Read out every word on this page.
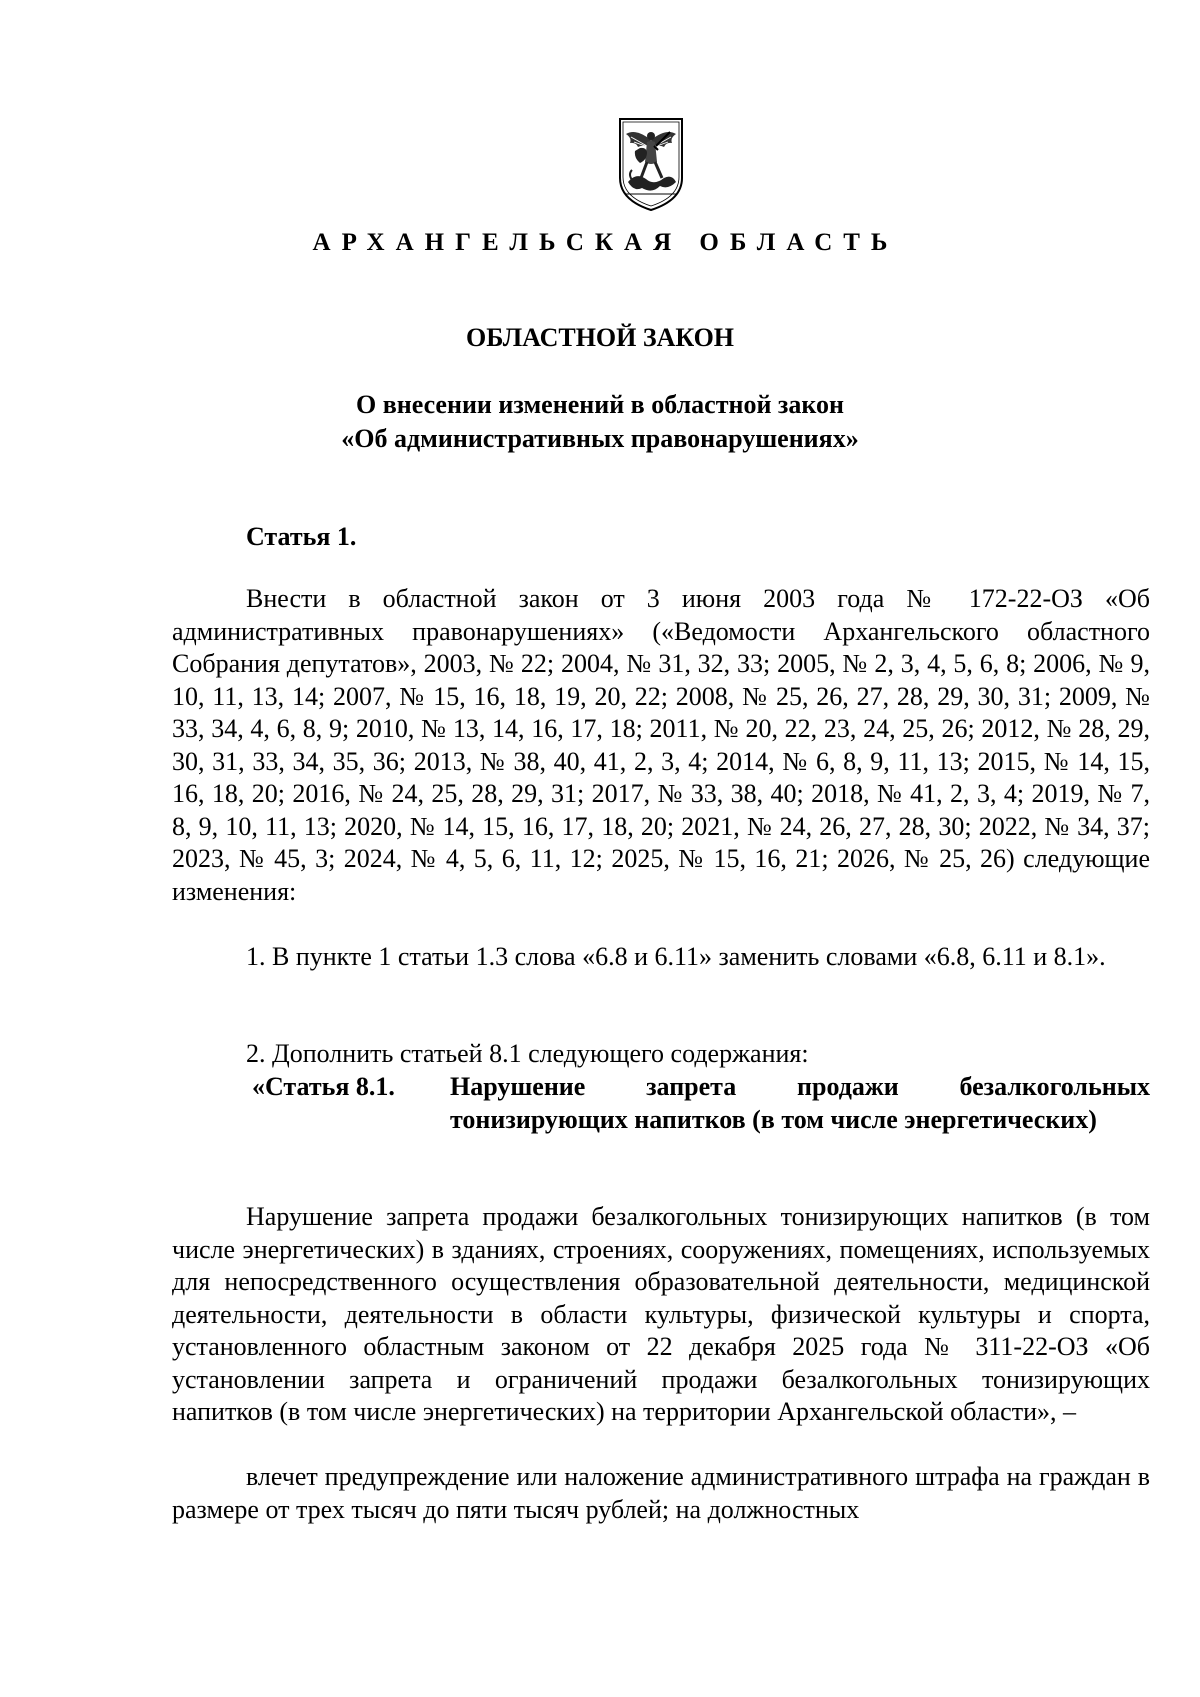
АРХАНГЕЛЬСКАЯ ОБЛАСТЬ
ОБЛАСТНОЙ ЗАКОН
О внесении изменений в областной закон
«Об административных правонарушениях»
Статья 1.

Внести в областной закон от 3 июня 2003 года № 172-22-ОЗ «Об административных правонарушениях» («Ведомости Архангельского областного Собрания депутатов», 2003, № 22; 2004, № 31, 32, 33; 2005, № 2, 3, 4, 5, 6, 8; 2006, № 9, 10, 11, 13, 14; 2007, № 15, 16, 18, 19, 20, 22; 2008, № 25, 26, 27, 28, 29, 30, 31; 2009, № 33, 34, 4, 6, 8, 9; 2010, № 13, 14, 16, 17, 18; 2011, № 20, 22, 23, 24, 25, 26; 2012, № 28, 29, 30, 31, 33, 34, 35, 36; 2013, № 38, 40, 41, 2, 3, 4; 2014, № 6, 8, 9, 11, 13; 2015, № 14, 15, 16, 18, 20; 2016, № 24, 25, 28, 29, 31; 2017, № 33, 38, 40; 2018, № 41, 2, 3, 4; 2019, № 7, 8, 9, 10, 11, 13; 2020, № 14, 15, 16, 17, 18, 20; 2021, № 24, 26, 27, 28, 30; 2022, № 34, 37; 2023, № 45, 3; 2024, № 4, 5, 6, 11, 12; 2025, № 15, 16, 21; 2026, № 25, 26) следующие изменения:

1. В пункте 1 статьи 1.3 слова «6.8 и 6.11» заменить словами «6.8, 6.11 и 8.1».

2. Дополнить статьей 8.1 следующего содержания:

«Статья 8.1.	Нарушение запрета продажи безалкогольных тонизирующих напитков (в том числе энергетических)

Нарушение запрета продажи безалкогольных тонизирующих напитков (в том числе энергетических) в зданиях, строениях, сооружениях, помещениях, используемых для непосредственного осуществления образовательной деятельности, медицинской деятельности, деятельности в области культуры, физической культуры и спорта, установленного областным законом от 22 декабря 2025 года № 311-22-ОЗ «Об установлении запрета и ограничений продажи безалкогольных тонизирующих напитков (в том числе энергетических) на территории Архангельской области», –

влечет предупреждение или наложение административного штрафа на граждан в размере от трех тысяч до пяти тысяч рублей; на должностных
